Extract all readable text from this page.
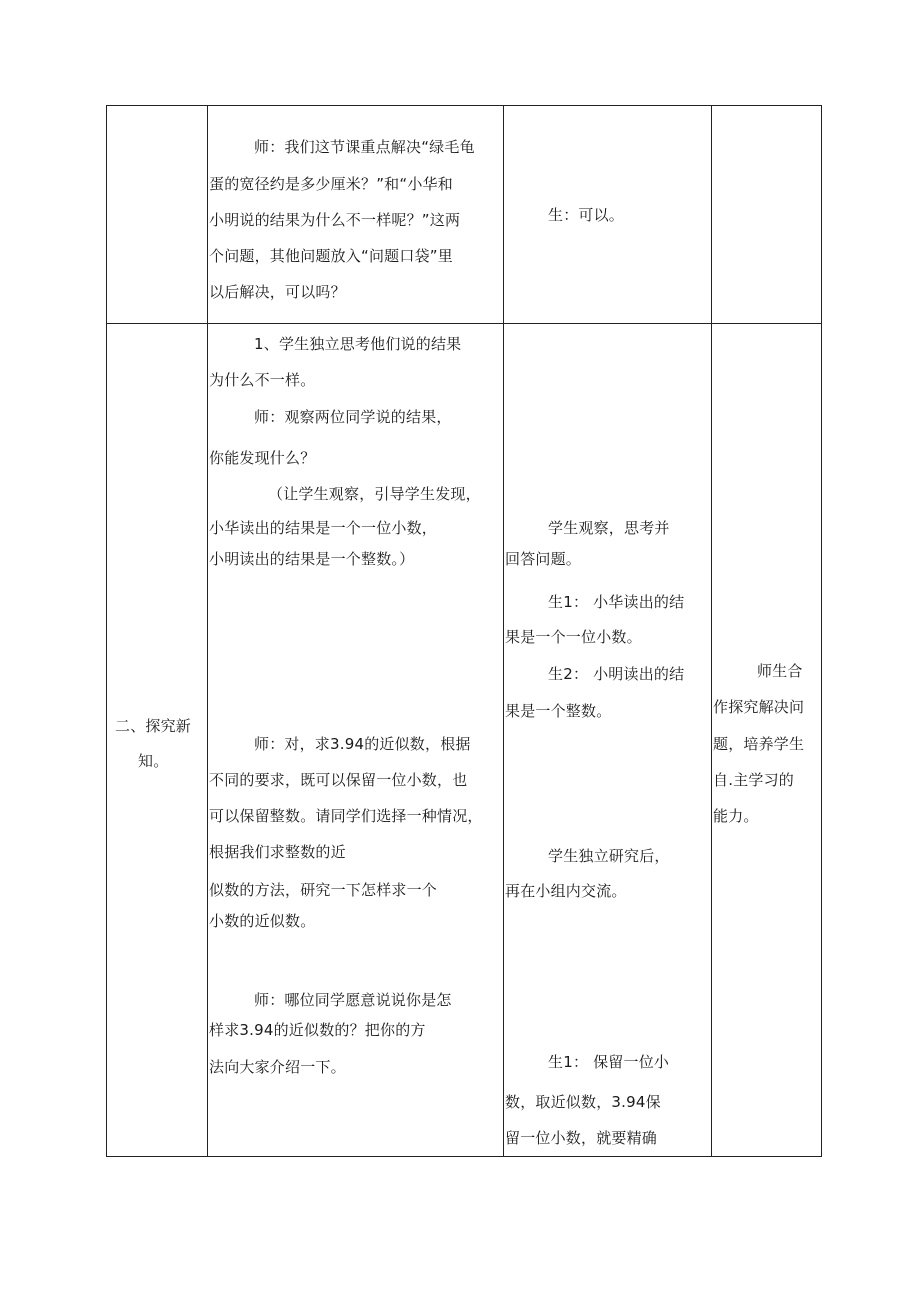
师：我们这节课重点解决“绿毛龟
蛋的宽径约是多少厘米？”和“小华和
小明说的结果为什么不一样呢？”这两
个问题，其他问题放入“问题口袋”里
以后解决，可以吗？
生：可以。
二、探究新
知。
1、学生独立思考他们说的结果
为什么不一样。
师：观察两位同学说的结果，
你能发现什么？
（让学生观察，引导学生发现，
小华读出的结果是一个一位小数，
小明读出的结果是一个整数。）
师：对，求3.94的近似数，根据
不同的要求，既可以保留一位小数，也
可以保留整数。请同学们选择一种情况，
根据我们求整数的近
似数的方法，研究一下怎样求一个
小数的近似数。
师：哪位同学愿意说说你是怎
样求3.94的近似数的？把你的方
法向大家介绍一下。
学生观察，思考并
回答问题。
生1： 小华读出的结
果是一个一位小数。
生2： 小明读出的结
果是一个整数。
学生独立研究后，
再在小组内交流。
生1： 保留一位小
数，取近似数，3.94保
留一位小数，就要精确
师生合
作探究解决问
题，培养学生
自.主学习的
能力。
